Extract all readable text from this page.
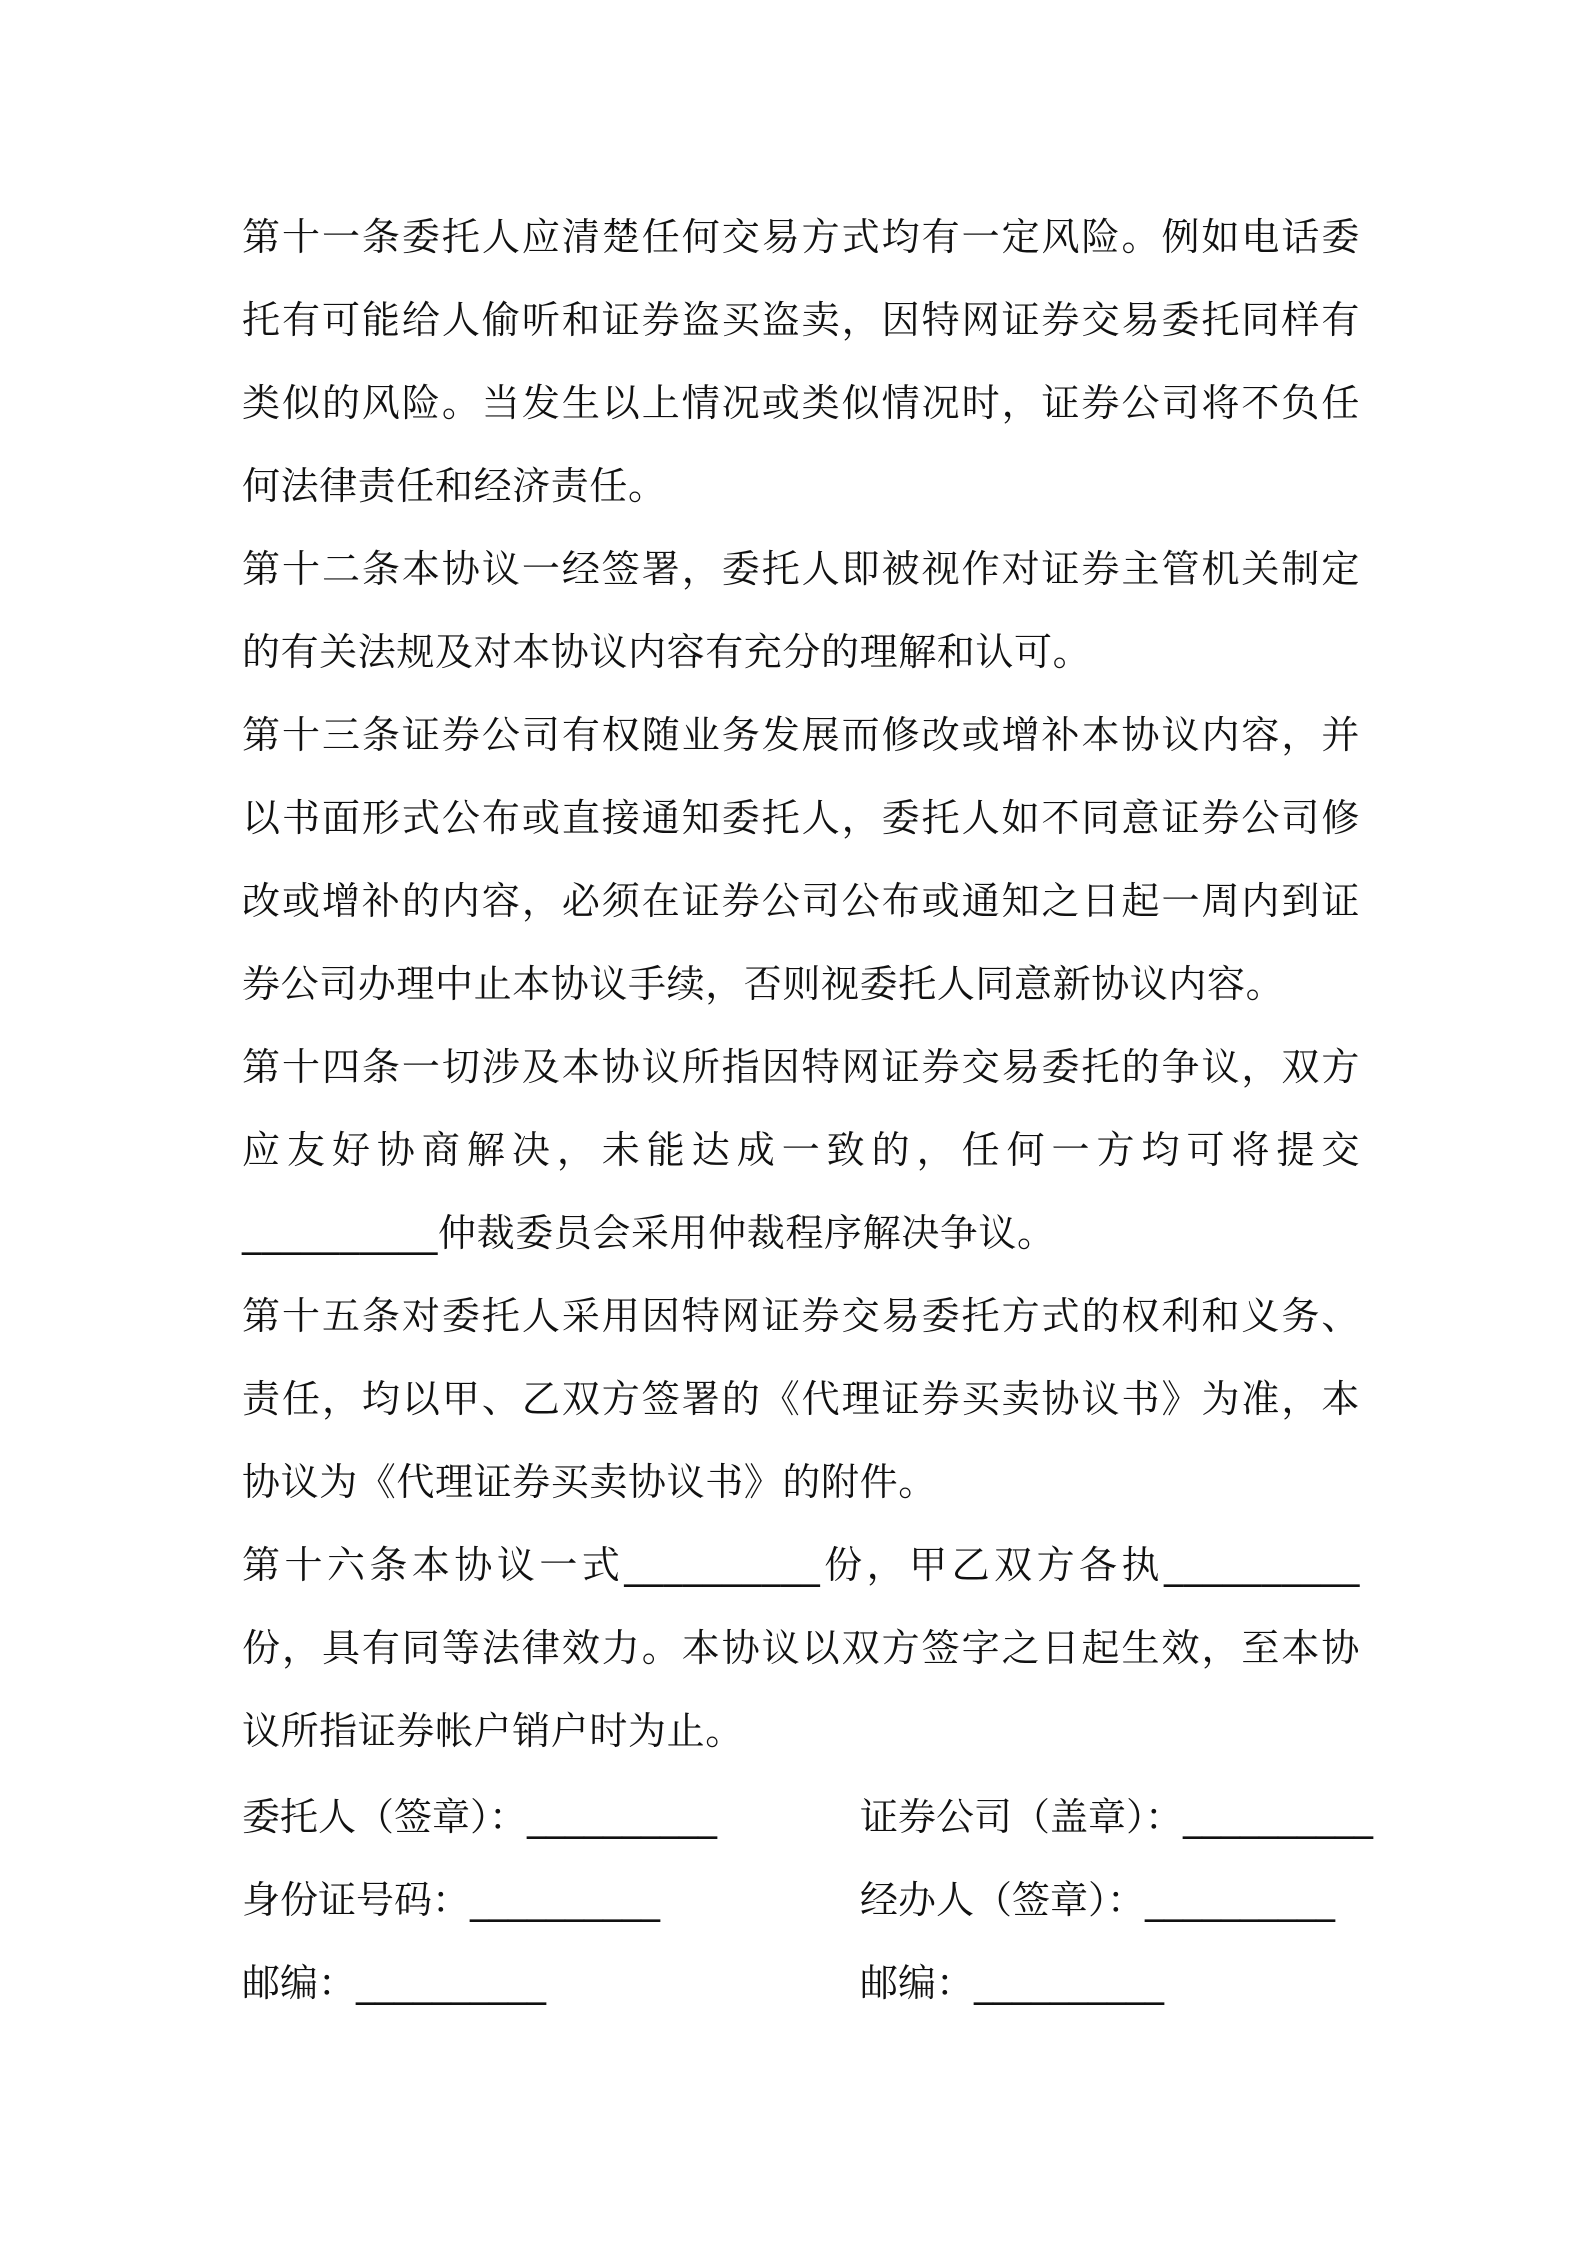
第十一条委托人应清楚任何交易方式均有一定风险。例如电话委托有可能给人偷听和证券盗买盗卖，因特网证券交易委托同样有类似的风险。当发生以上情况或类似情况时，证券公司将不负任何法律责任和经济责任。

第十二条本协议一经签署，委托人即被视作对证券主管机关制定的有关法规及对本协议内容有充分的理解和认可。

第十三条证券公司有权随业务发展而修改或增补本协议内容，并以书面形式公布或直接通知委托人，委托人如不同意证券公司修改或增补的内容，必须在证券公司公布或通知之日起一周内到证券公司办理中止本协议手续，否则视委托人同意新协议内容。

第十四条一切涉及本协议所指因特网证券交易委托的争议，双方应友好协商解决，未能达成一致的，任何一方均可将提交__________仲裁委员会采用仲裁程序解决争议。

第十五条对委托人采用因特网证券交易委托方式的权利和义务、责任，均以甲、乙双方签署的《代理证券买卖协议书》为准，本协议为《代理证券买卖协议书》的附件。

第十六条本协议一式__________份，甲乙双方各执__________份，具有同等法律效力。本协议以双方签字之日起生效，至本协议所指证券帐户销户时为止。

委托人（签章）：__________	证券公司（盖章）：__________
身份证号码：__________	经办人（签章）：__________
邮编：__________	邮编：__________
